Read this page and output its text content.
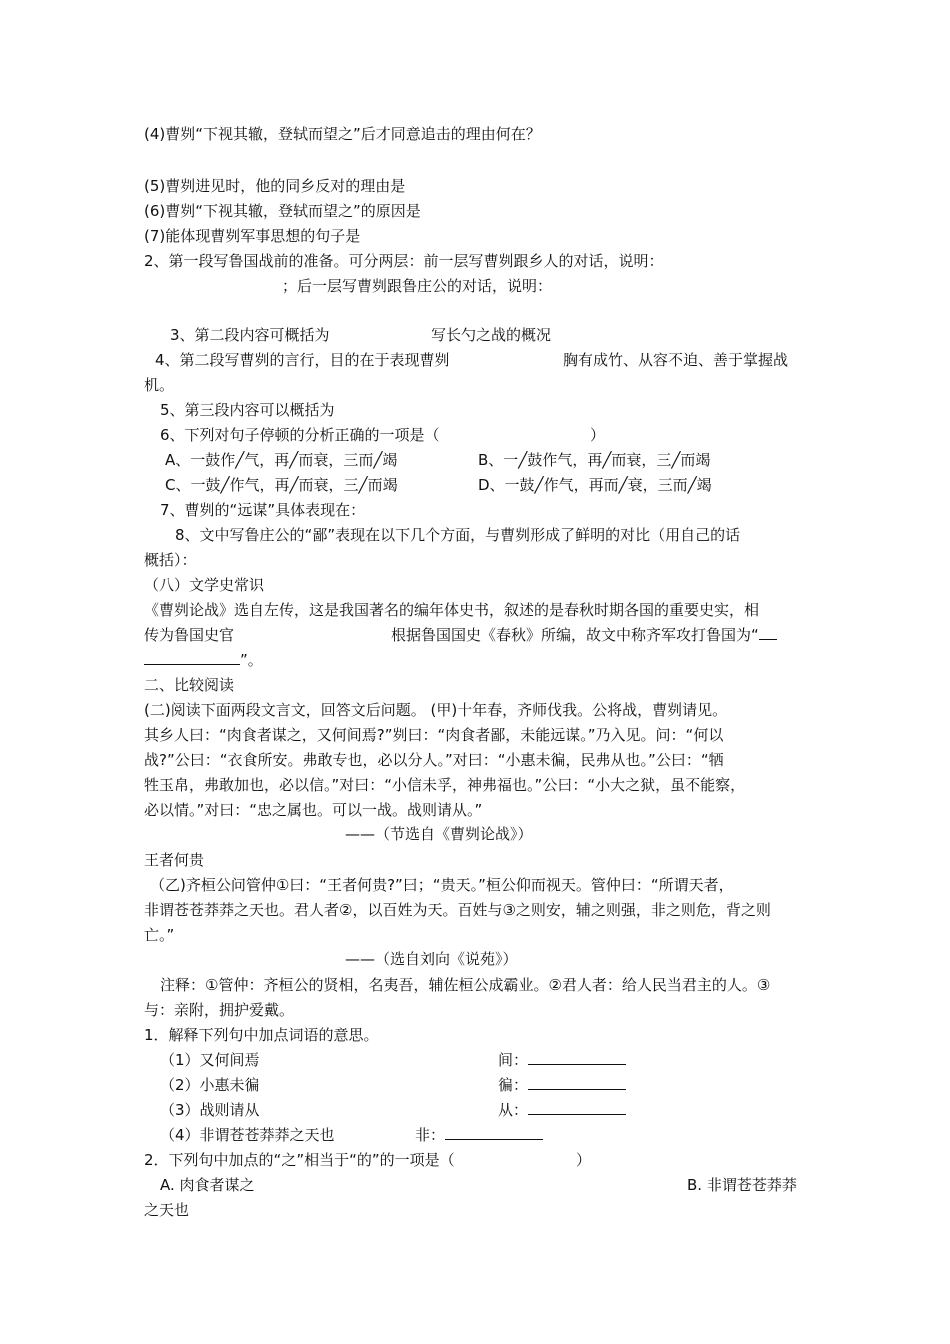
(4)曹刿“下视其辙，登轼而望之”后才同意追击的理由何在？
(5)曹刿进见时，他的同乡反对的理由是
(6)曹刿“下视其辙，登轼而望之”的原因是
(7)能体现曹刿军事思想的句子是
2、第一段写鲁国战前的准备。可分两层：前一层写曹刿跟乡人的对话，说明：
；后一层写曹刿跟鲁庄公的对话，说明：
3、第二段内容可概括为	写长勺之战的概况
4、第二段写曹刿的言行，目的在于表现曹刿	胸有成竹、从容不迫、善于掌握战
机。
5、第三段内容可以概括为
6、下列对句子停顿的分析正确的一项是（	）
A、一鼓作╱气，再╱而衰，三而╱竭	B、一╱鼓作气，再╱而衰，三╱而竭
C、一鼓╱作气，再╱而衰，三╱而竭	D、一鼓╱作气，再而╱衰，三而╱竭
7、曹刿的“远谋”具体表现在：
8、文中写鲁庄公的“鄙”表现在以下几个方面，与曹刿形成了鲜明的对比（用自己的话
概括）：
（八）文学史常识
《曹刿论战》选自左传，这是我国著名的编年体史书，叙述的是春秋时期各国的重要史实，相
传为鲁国史官	根据鲁国国史《春秋》所编，故文中称齐军攻打鲁国为“
”。
二、比较阅读
(二)阅读下面两段文言文，回答文后问题。 (甲)十年春，齐师伐我。公将战，曹刿请见。
其乡人曰：“肉食者谋之，又何间焉?”刿曰：“肉食者鄙，未能远谋。”乃入见。问：“何以
战?”公曰：“衣食所安。弗敢专也，必以分人。”对曰：“小惠未徧，民弗从也。”公曰：“牺
牲玉帛，弗敢加也，必以信。”对曰：“小信未孚，神弗福也。”公曰：“小大之狱，虽不能察，
必以情。”对曰：“忠之属也。可以一战。战则请从。”
——（节选自《曹刿论战》）
王者何贵
（乙)齐桓公问管仲①曰：“王者何贵?”曰；“贵天。”桓公仰而视天。管仲曰：“所谓天者，
非谓苍苍莽莽之天也。君人者②，以百姓为天。百姓与③之则安，辅之则强，非之则危，背之则
亡。”
——（选自刘向《说苑》）
注释：①管仲：齐桓公的贤相，名夷吾，辅佐桓公成霸业。②君人者：给人民当君主的人。③
与：亲附，拥护爱戴。
1．解释下列句中加点词语的意思。
（1）又何间焉	间：
（2）小惠未徧	徧：
（3）战则请从	从：
（4）非谓苍苍莽莽之天也	非：
2．下列句中加点的“之”相当于“的”的一项是（	）
A. 肉食者谋之	B. 非谓苍苍莽莽
之天也
